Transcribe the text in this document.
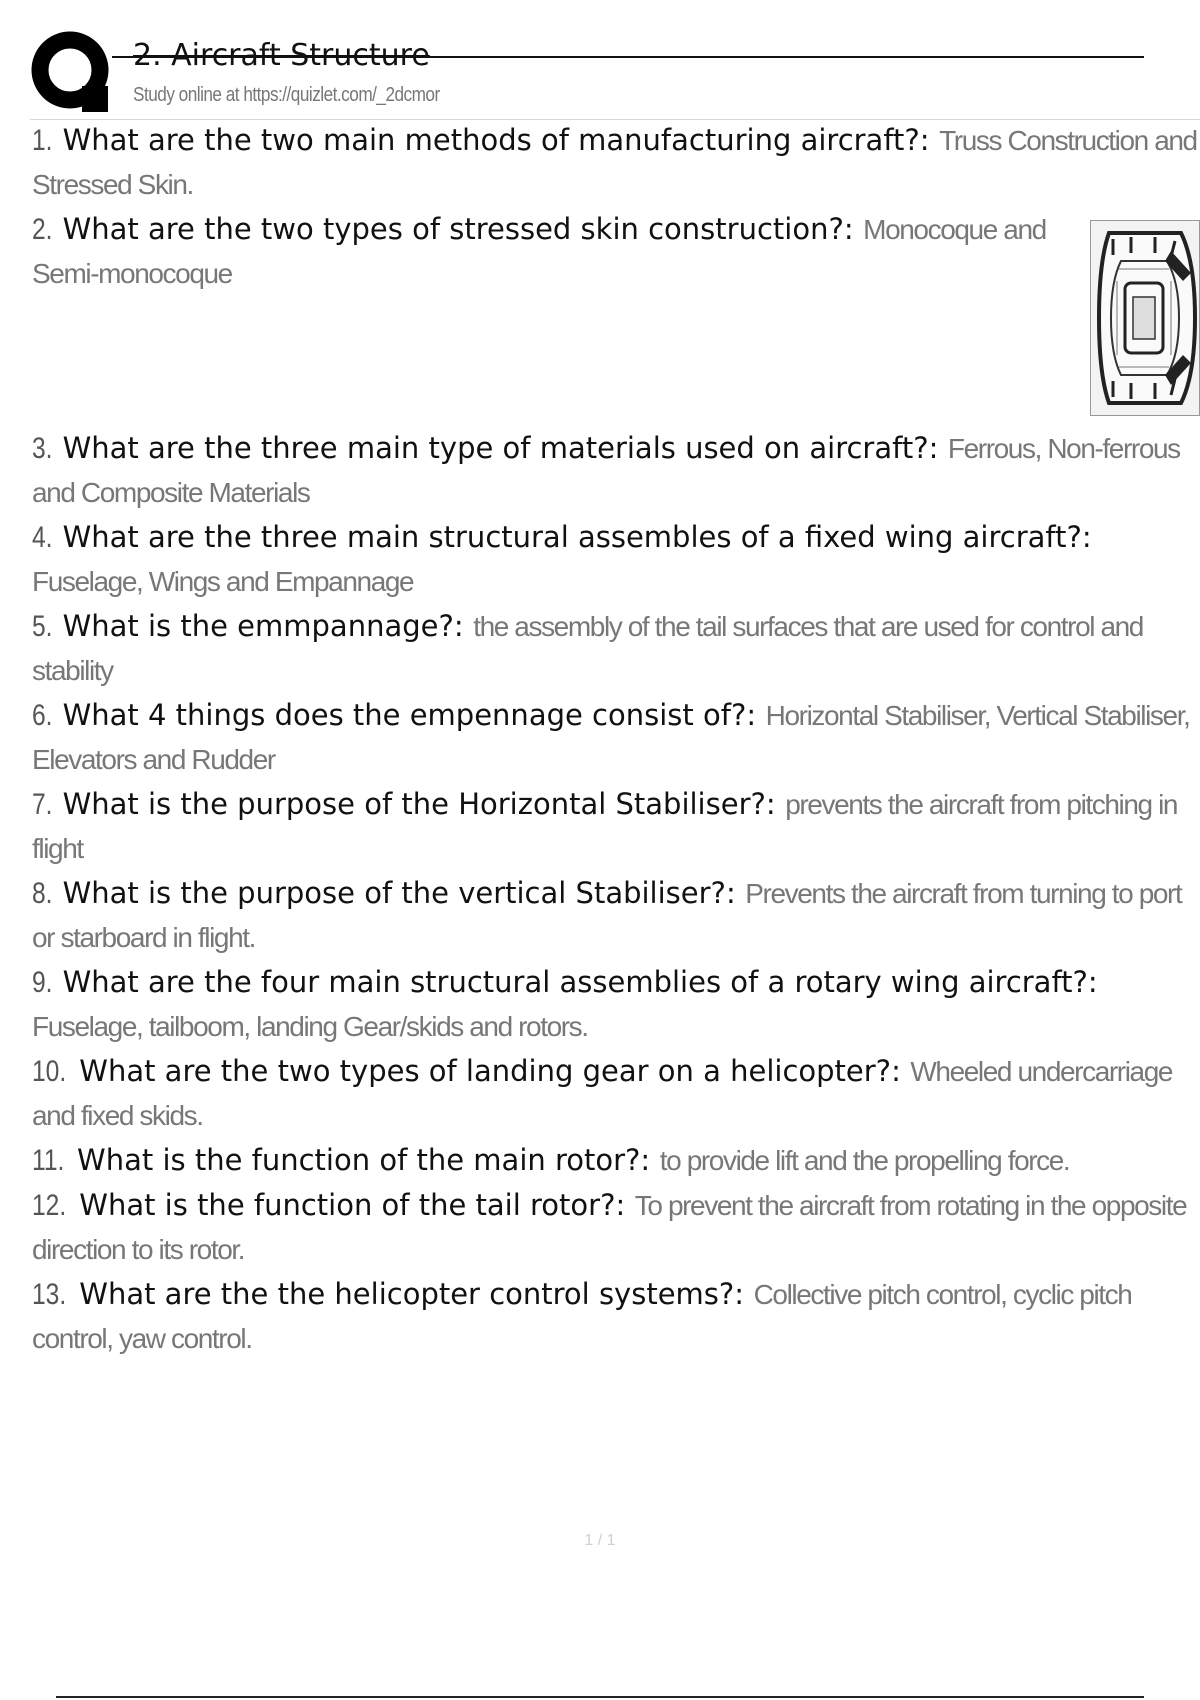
2. Aircraft Structure
Study online at https://quizlet.com/_2dcmor
1. What are the two main methods of manufacturing aircraft?: Truss Construction and Stressed Skin.
2. What are the two types of stressed skin construction?: Monocoque and Semi-monocoque
3. What are the three main type of materials used on aircraft?: Ferrous, Non-ferrous and Composite Materials
4. What are the three main structural assembles of a fixed wing aircraft?: Fuselage, Wings and Empannage
5. What is the emmpannage?: the assembly of the tail surfaces that are used for control and stability
6. What 4 things does the empennage consist of?: Horizontal Stabiliser, Vertical Stabiliser, Elevators and Rudder
7. What is the purpose of the Horizontal Stabiliser?: prevents the aircraft from pitching in flight
8. What is the purpose of the vertical Stabiliser?: Prevents the aircraft from turning to port or starboard in flight.
9. What are the four main structural assemblies of a rotary wing aircraft?: Fuselage, tailboom, landing Gear/skids and rotors.
10. What are the two types of landing gear on a helicopter?: Wheeled undercarriage and fixed skids.
11. What is the function of the main rotor?: to provide lift and the propelling force.
12. What is the function of the tail rotor?: To prevent the aircraft from rotating in the opposite direction to its rotor.
13. What are the the helicopter control systems?: Collective pitch control, cyclic pitch control, yaw control.
1 / 1
